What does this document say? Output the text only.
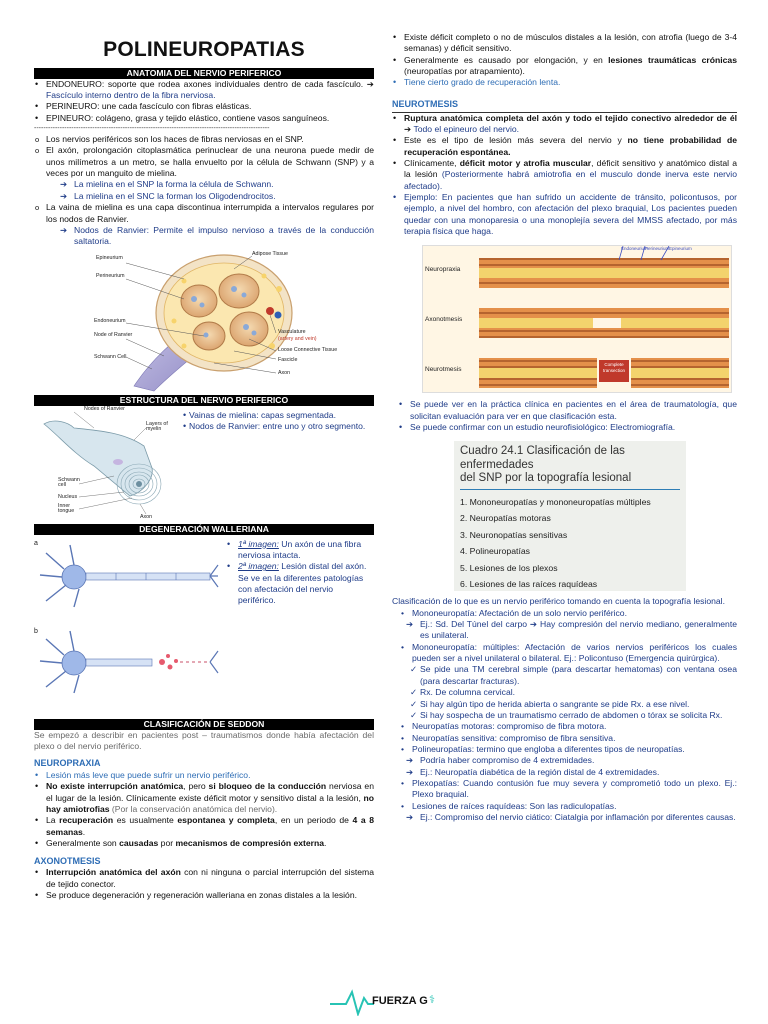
POLINEUROPATIAS
ANATOMIA DEL NERVIO PERIFERICO
• ENDONEURO: soporte que rodea axones individuales dentro de cada fascículo. ➔ Fascículo interno dentro de la fibra nerviosa.
• PERINEURO: une cada fascículo con fibras elásticas.
• EPINEURO: colágeno, grasa y tejido elástico, contiene vasos sanguíneos.
-----------------------------------------------------------------------------------------------------
o Los nervios periféricos son los haces de fibras nerviosas en el SNP.
o El axón, prolongación citoplasmática perinuclear de una neurona puede medir de unos milímetros a un metro, se halla envuelto por la célula de Schwann (SNP) y a veces por un manguito de mielina.
➔ La mielina en el SNP la forma la célula de Schwann.
➔ La mielina en el SNC la forman los Oligodendrocitos.
o La vaina de mielina es una capa discontinua interrumpida a intervalos regulares por los nodos de Ranvier.
➔ Nodos de Ranvier: Permite el impulso nervioso a través de la conducción saltatoria.
Epineurium
Perineurium
Endoneurium
Node of Ranvier
Schwann Cell
Adipose Tissue
Vasculature
(artery and vein)
Loose Connective Tissue
Fascicle
Axon
ESTRUCTURA DEL NERVIO PERIFERICO
Nodes of Ranvier
Layers of myelin
Schwann cell
Nucleus
Inner tongue
Axon
• Vainas de mielina: capas segmentada.
• Nodos de Ranvier: entre uno y otro segmento.
DEGENERACIÓN WALLERIANA
a
b
• 1ª imagen: Un axón de una fibra nerviosa intacta.
• 2ª imagen: Lesión distal del axón. Se ve en la diferentes patologías con afectación del nervio periférico.
CLASIFICACIÓN DE SEDDON
Se empezó a describir en pacientes post – traumatismos donde había afectación del plexo o del nervio periférico.
NEUROPRAXIA
• Lesión más leve que puede sufrir un nervio periférico.
• No existe interrupción anatómica, pero si bloqueo de la conducción nerviosa en el lugar de la lesión. Clínicamente existe déficit motor y sensitivo distal a la lesión, no hay amiotrofias (Por la conservación anatómica del nervio).
• La recuperación es usualmente espontanea y completa, en un periodo de 4 a 8 semanas.
• Generalmente son causadas por mecanismos de compresión externa.
AXONOTMESIS
• Interrupción anatómica del axón con ni ninguna o parcial interrupción del sistema de tejido conector.
• Se produce degeneración y regeneración walleriana en zonas distales a la lesión.
• Existe déficit completo o no de músculos distales a la lesión, con atrofia (luego de 3-4 semanas) y déficit sensitivo.
• Generalmente es causado por elongación, y en lesiones traumáticas crónicas (neuropatías por atrapamiento).
• Tiene cierto grado de recuperación lenta.
NEUROTMESIS
• Ruptura anatómica completa del axón y todo el tejido conectivo alrededor de él ➔ Todo el epineuro del nervio.
• Este es el tipo de lesión más severa del nervio y no tiene probabilidad de recuperación espontánea.
• Clínicamente, déficit motor y atrofia muscular, déficit sensitivo y anatómico distal a la lesión (Posteriormente habrá amiotrofia en el musculo donde inerva este nervio afectado).
• Ejemplo: En pacientes que han sufrido un accidente de tránsito, policontusos, por ejemplo, a nivel del hombro, con afectación del plexo braquial, Los pacientes pueden quedar con una monoparesia o una monoplejía severa del MMSS afectado, por más terapia física que haga.
Neuropraxia
Axonotmesis
Neurotmesis
Endoneurium
Perineurium Epineurium
Complete transection
• Se puede ver en la práctica clínica en pacientes en el área de traumatología, que solicitan evaluación para ver en que clasificación esta.
• Se puede confirmar con un estudio neurofisiológico: Electromiografía.
Cuadro 24.1 Clasificación de las enfermedades
del SNP por la topografía lesional
1. Mononeuropatías y mononeuropatías múltiples
2. Neuropatías motoras
3. Neuronopatías sensitivas
4. Polineuropatías
5. Lesiones de los plexos
6. Lesiones de las raíces raquídeas
Clasificación de lo que es un nervio periférico tomando en cuenta la topografía lesional.
• Mononeuropatía: Afectación de un solo nervio periférico.
➔ Ej.: Sd. Del Túnel del carpo ➔ Hay compresión del nervio mediano, generalmente es unilateral.
• Mononeuropatía: múltiples: Afectación de varios nervios periféricos los cuales pueden ser a nivel unilateral o bilateral. Ej.: Policontuso (Emergencia quirúrgica).
✓ Se pide una TM cerebral simple (para descartar hematomas) con ventana osea (para descartar fracturas).
✓ Rx. De columna cervical.
✓ Si hay algún tipo de herida abierta o sangrante se pide Rx. a ese nivel.
✓ Si hay sospecha de un traumatismo cerrado de abdomen o tórax se solicita Rx.
• Neuropatías motoras: compromiso de fibra motora.
• Neuropatías sensitiva: compromiso de fibra sensitiva.
• Polineuropatías: termino que engloba a diferentes tipos de neuropatías.
➔ Podría haber compromiso de 4 extremidades.
➔ Ej.: Neuropatía diabética de la región distal de 4 extremidades.
• Plexopatías: Cuando contusión fue muy severa y comprometió todo un plexo. Ej.: Plexo braquial.
• Lesiones de raíces raquídeas: Son las radiculopatías.
➔ Ej.: Compromiso del nervio ciático: Ciatalgia por inflamación por diferentes causas.
FUERZA G ⚕
